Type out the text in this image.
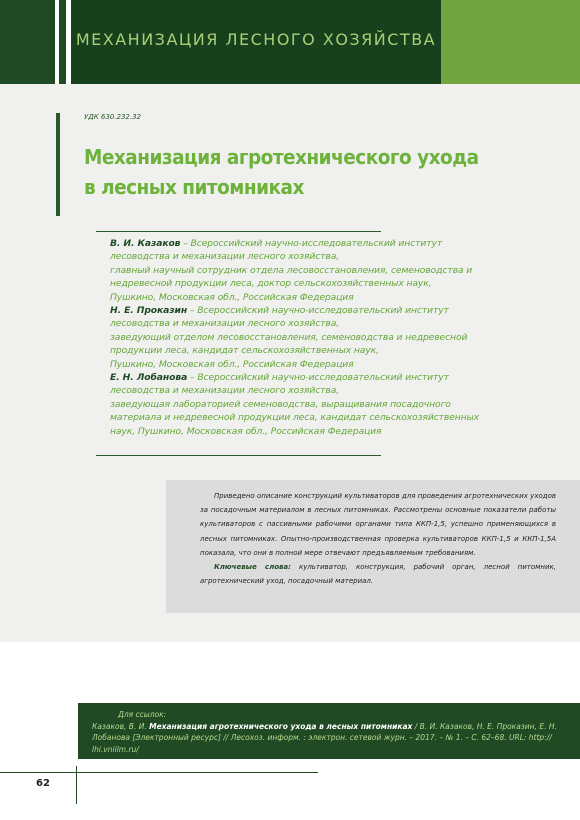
МЕХАНИЗАЦИЯ ЛЕСНОГО ХОЗЯЙСТВА
УДК 630.232.32
Механизация агротехнического ухода
в лесных питомниках

В. И. Казаков – Всероссийский научно-исследовательский институт
лесоводства и механизации лесного хозяйства,
главный научный сотрудник отдела лесовосстановления, семеноводства и
недревесной продукции леса, доктор сельскохозяйственных наук,
Пушкино, Московская обл., Российская Федерация

Н. Е. Проказин – Всероссийский научно-исследовательский институт
лесоводства и механизации лесного хозяйства,
заведующий отделом лесовосстановления, семеноводства и недревесной
продукции леса, кандидат сельскохозяйственных наук,
Пушкино, Московская обл., Российская Федерация

Е. Н. Лобанова – Всероссийский научно-исследовательский институт
лесоводства и механизации лесного хозяйства,
заведующая лабораторией семеноводства, выращивания посадочного
материала и недревесной продукции леса, кандидат сельскохозяйственных
наук, Пушкино, Московская обл., Российская Федерация

Приведено описание конструкций культиваторов для проведения агротехнических уходов за посадочным материалом в лесных питомниках. Рассмотрены основные показатели работы культиваторов с пассивными рабочими органами типа ККП-1,5, успешно применяющихся в лесных питомниках. Опытно-производственная проверка культиваторов ККП-1,5 и ККП-1,5А показала, что они в полной мере отвечают предъявляемым требованиям.

Ключевые слова: культиватор, конструкция, рабочий орган, лесной питомник, агротехнический уход, посадочный материал.

Для ссылок:
Казаков, В. И. Механизация агротехнического ухода в лесных питомниках / В. И. Казаков, Н. Е. Проказин, Е. Н. Лобанова [Электронный ресурс] // Лесохоз. информ. : электрон. сетевой журн. – 2017. – № 1. – С. 62–68. URL: http:// lhi.vniilm.ru/
62
